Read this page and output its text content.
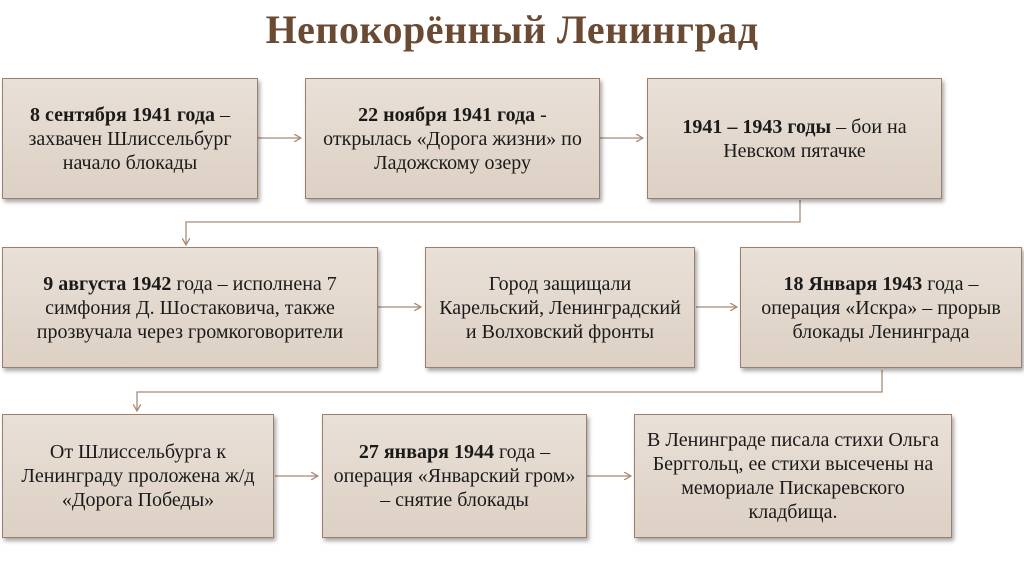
Непокорённый Ленинград
8 сентября 1941 года – захвачен Шлиссельбург начало блокады
22 ноября 1941 года - открылась «Дорога жизни» по Ладожскому озеру
1941 – 1943 годы – бои на Невском пятачке
9 августа 1942 года – исполнена 7 симфония Д. Шостаковича, также прозвучала через громкоговорители
Город защищали Карельский, Ленинградский и Волховский фронты
18 Января 1943 года – операция «Искра» – прорыв блокады Ленинграда
От Шлиссельбурга к Ленинграду проложена ж/д «Дорога Победы»
27 января 1944 года – операция «Январский гром» – снятие блокады
В Ленинграде писала стихи Ольга Берггольц, ее стихи высечены на мемориале Пискаревского кладбища.
